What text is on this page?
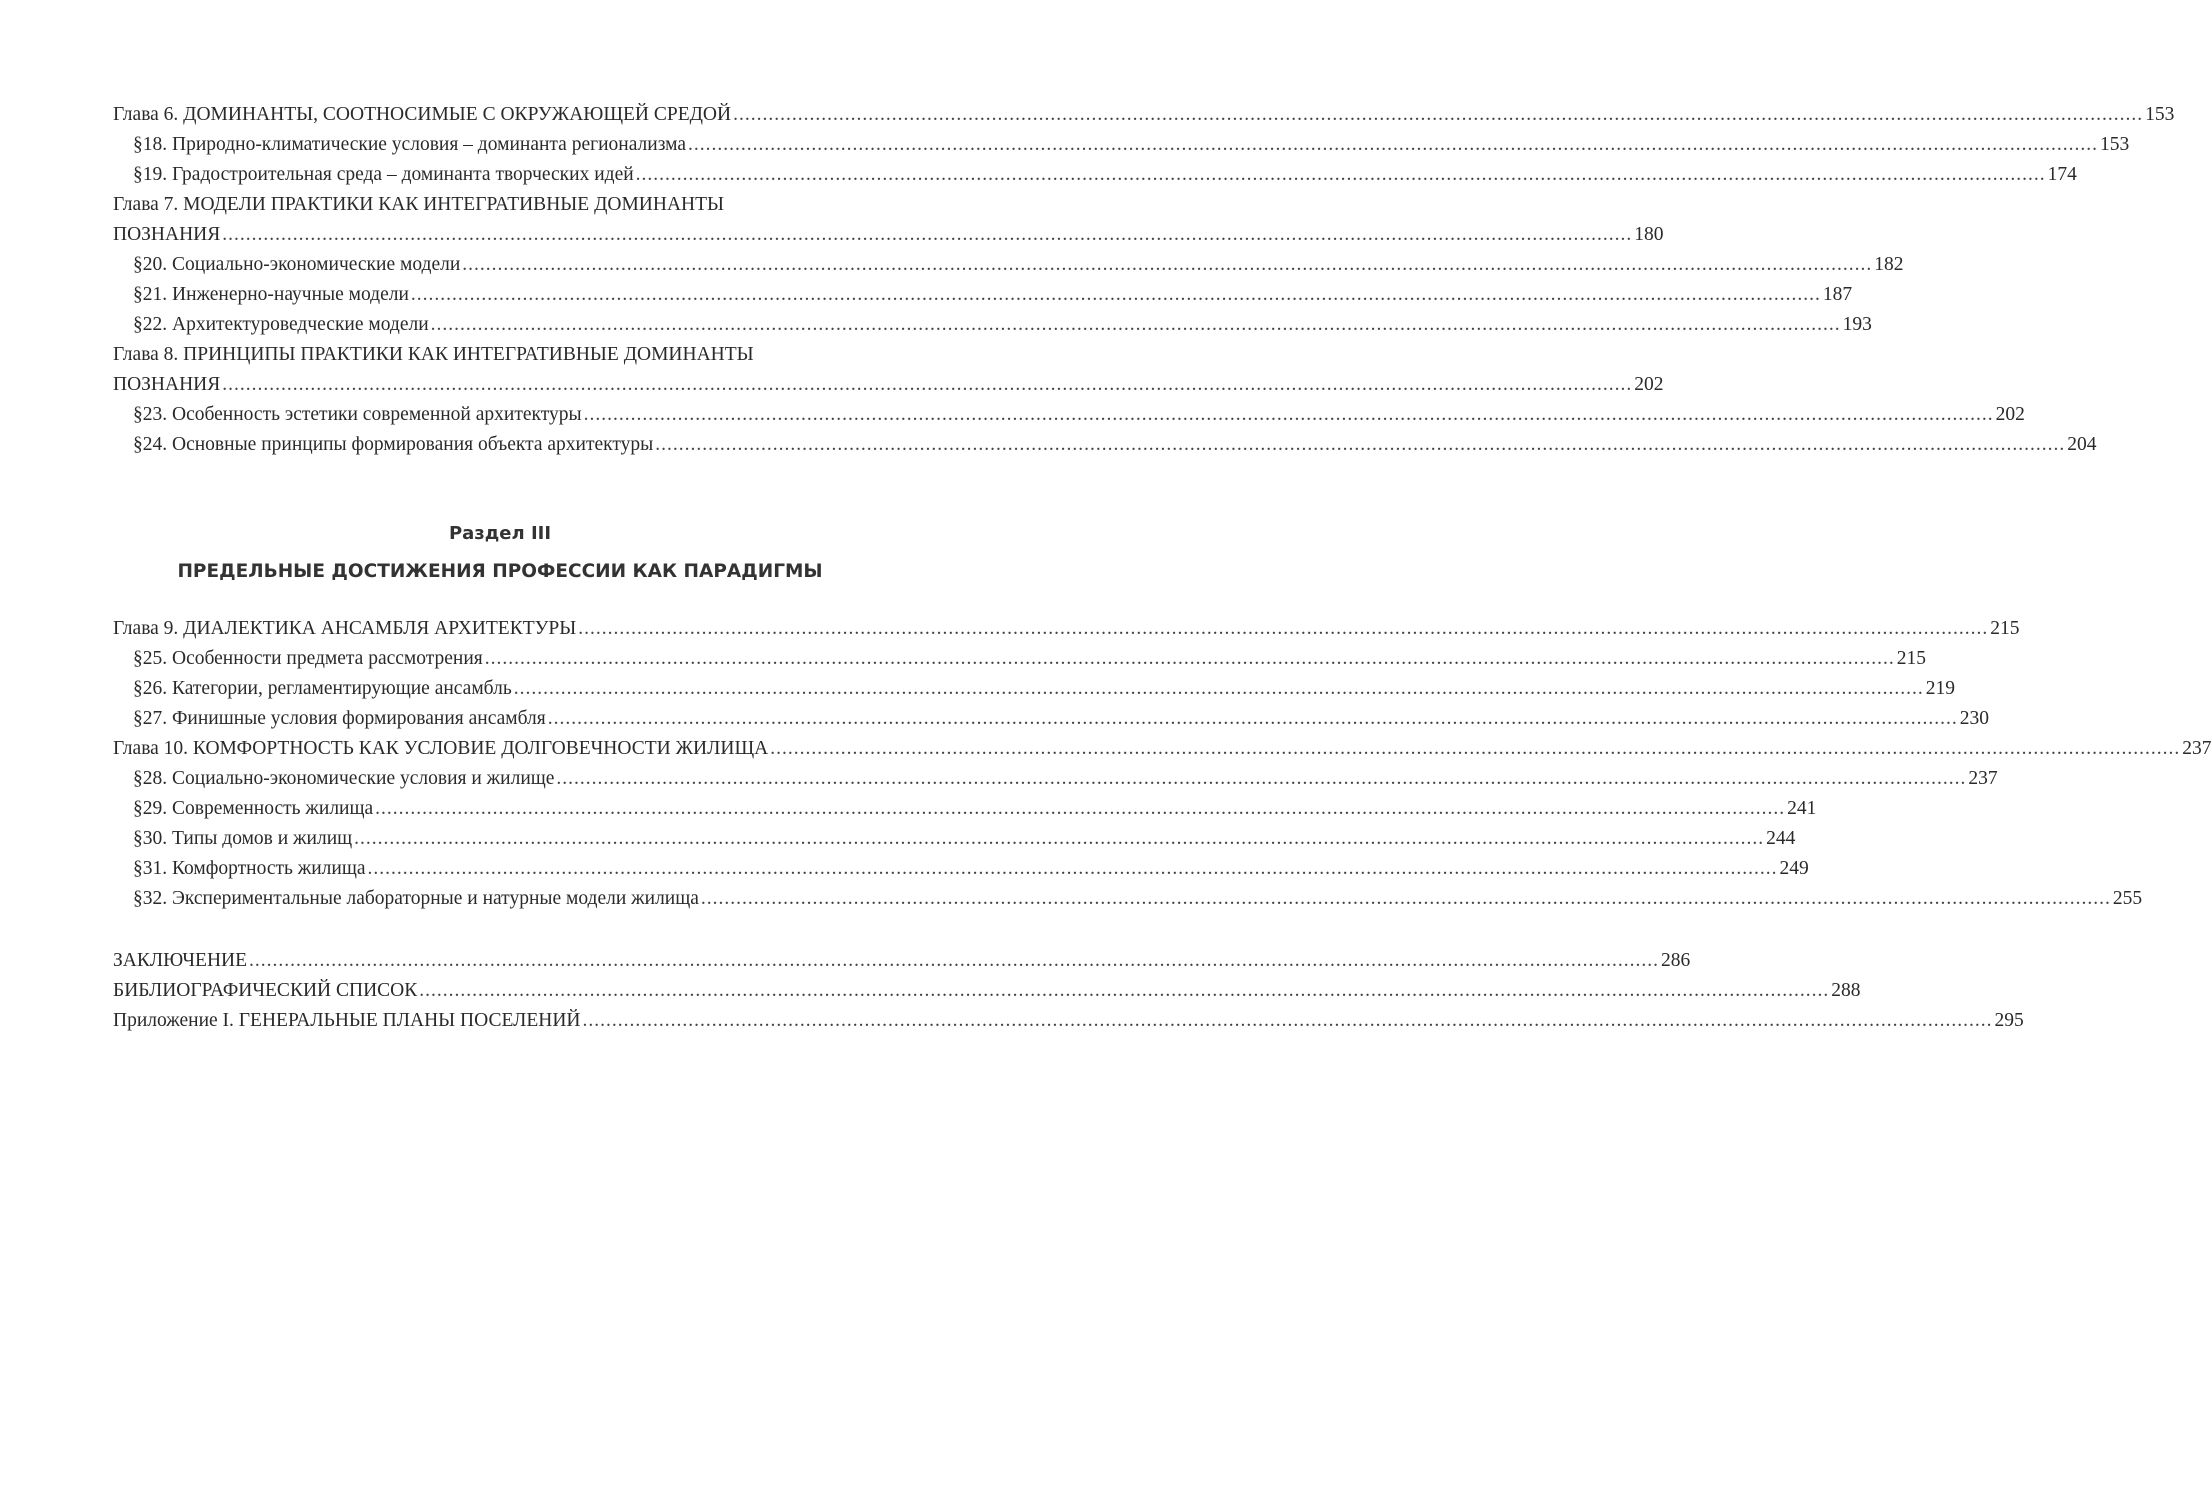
Глава 6. ДОМИНАНТЫ, СООТНОСИМЫЕ С ОКРУЖАЮЩЕЙ СРЕДОЙ .....	153
§18. Природно-климатические условия – доминанта регионализма .....	153
§19. Градостроительная среда – доминанта творческих идей .....	174
Глава 7. МОДЕЛИ ПРАКТИКИ КАК ИНТЕГРАТИВНЫЕ ДОМИНАНТЫ
ПОЗНАНИЯ .....	180
§20. Социально-экономические модели .....	182
§21. Инженерно-научные модели .....	187
§22. Архитектуроведческие модели .....	193
Глава 8. ПРИНЦИПЫ ПРАКТИКИ КАК ИНТЕГРАТИВНЫЕ ДОМИНАНТЫ
ПОЗНАНИЯ .....	202
§23. Особенность эстетики современной архитектуры .....	202
§24. Основные принципы формирования объекта архитектуры .....	204
Раздел III
ПРЕДЕЛЬНЫЕ ДОСТИЖЕНИЯ ПРОФЕССИИ КАК ПАРАДИГМЫ
Глава 9. ДИАЛЕКТИКА АНСАМБЛЯ АРХИТЕКТУРЫ .....	215
§25. Особенности предмета рассмотрения .....	215
§26. Категории, регламентирующие ансамбль .....	219
§27. Финишные условия формирования ансамбля .....	230
Глава 10. КОМФОРТНОСТЬ КАК УСЛОВИЕ ДОЛГОВЕЧНОСТИ ЖИЛИЩА .....	237
§28. Социально-экономические условия и жилище .....	237
§29. Современность жилища .....	241
§30. Типы домов и жилищ .....	244
§31. Комфортность жилища .....	249
§32. Экспериментальные лабораторные и натурные модели жилища .....	255
ЗАКЛЮЧЕНИЕ .....	286
БИБЛИОГРАФИЧЕСКИЙ СПИСОК .....	288
Приложение I. ГЕНЕРАЛЬНЫЕ ПЛАНЫ ПОСЕЛЕНИЙ .....	295
